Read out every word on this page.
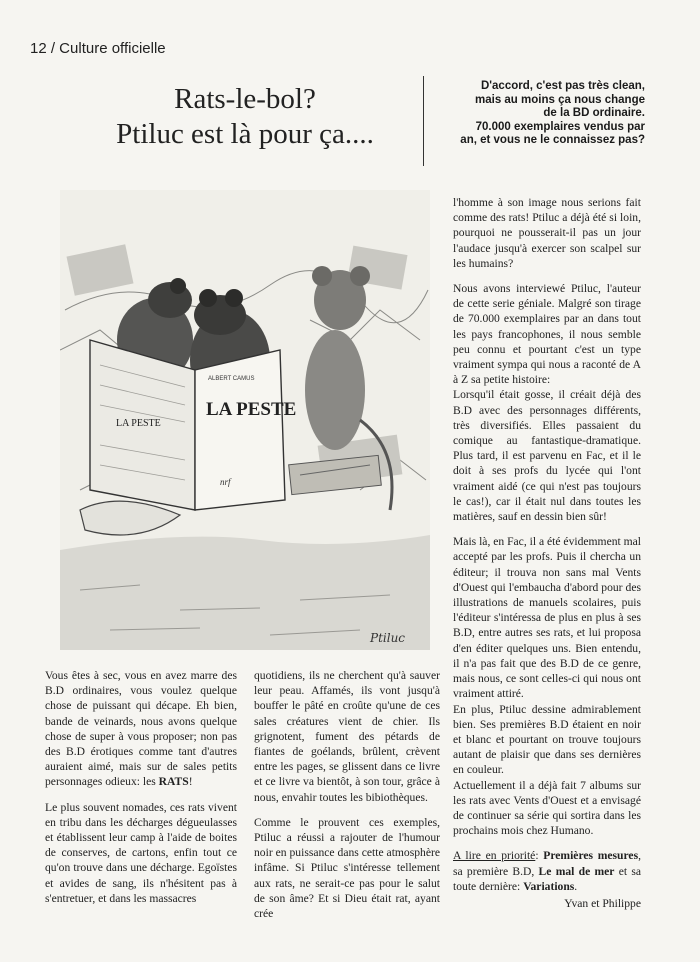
12 / Culture officielle
Rats-le-bol?
Ptiluc est là pour ça....
D'accord, c'est pas très clean,
mais au moins ça nous change
de la BD ordinaire.
70.000 exemplaires vendus par
an, et vous ne le connaissez pas?

ALBERT CAMUS
LA PESTE
LA PESTE
nrf
Ptiluc

Vous êtes à sec, vous en avez marre des B.D ordinaires, vous voulez quelque chose de puissant qui décape. Eh bien, bande de veinards, nous avons quelque chose de super à vous proposer; non pas des B.D érotiques comme tant d'autres auraient aimé, mais sur de sales petits personnages odieux: les RATS!

Le plus souvent nomades, ces rats vivent en tribu dans les décharges dégueulasses et établissent leur camp à l'aide de boites de conserves, de cartons, enfin tout ce qu'on trouve dans une décharge. Egoïstes et avides de sang, ils n'hésitent pas à s'entretuer, et dans les massacres

quotidiens, ils ne cherchent qu'à sauver leur peau. Affamés, ils vont jusqu'à bouffer le pâté en croûte qu'une de ces sales créatures vient de chier. Ils grignotent, fument des pétards de fiantes de goélands, brûlent, crèvent entre les pages, se glissent dans ce livre et ce livre va bientôt, à son tour, grâce à nous, envahir toutes les bibiothèques.

Comme le prouvent ces exemples, Ptiluc a réussi a rajouter de l'humour noir en puissance dans cette atmosphère infâme. Si Ptiluc s'intéresse tellement aux rats, ne serait-ce pas pour le salut de son âme? Et si Dieu était rat, ayant crée

l'homme à son image nous serions fait comme des rats! Ptiluc a déjà été si loin, pourquoi ne pousserait-il pas un jour l'audace jusqu'à exercer son scalpel sur les humains?

Nous avons interviewé Ptiluc, l'auteur de cette serie géniale. Malgré son tirage de 70.000 exemplaires par an dans tout les pays francophones, il nous semble peu connu et pourtant c'est un type vraiment sympa qui nous a raconté de A à Z sa petite histoire:

Lorsqu'il était gosse, il créait déjà des B.D avec des personnages différents, très diversifiés. Elles passaient du comique au fantastique-dramatique. Plus tard, il est parvenu en Fac, et il le doit à ses profs du lycée qui l'ont vraiment aidé (ce qui n'est pas toujours le cas!), car il était nul dans toutes les matières, sauf en dessin bien sûr!

Mais là, en Fac, il a été évidemment mal accepté par les profs. Puis il chercha un éditeur; il trouva non sans mal Vents d'Ouest qui l'embaucha d'abord pour des illustrations de manuels scolaires, puis l'éditeur s'intéressa de plus en plus à ses B.D, entre autres ses rats, et lui proposa d'en éditer quelques uns. Bien entendu, il n'a pas fait que des B.D de ce genre, mais nous, ce sont celles-ci qui nous ont vraiment attiré.

En plus, Ptiluc dessine admirablement bien. Ses premières B.D étaient en noir et blanc et pourtant on trouve toujours autant de plaisir que dans ses dernières en couleur.

Actuellement il a déjà fait 7 albums sur les rats avec Vents d'Ouest et a envisagé de continuer sa série qui sortira dans les prochains mois chez Humano.

A lire en priorité: Premières mesures, sa première B.D, Le mal de mer et sa toute dernière: Variations.

Yvan et Philippe
